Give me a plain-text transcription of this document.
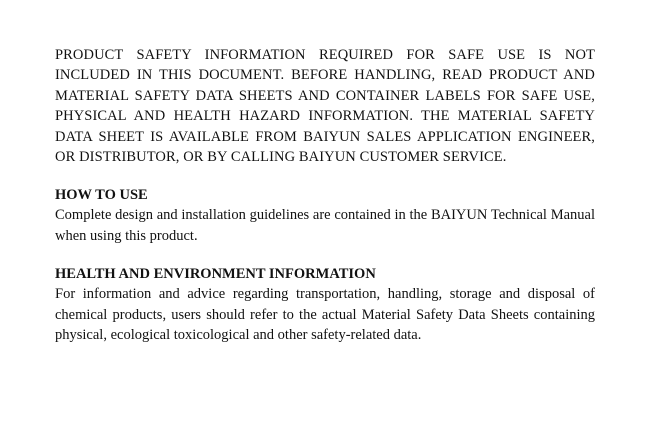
PRODUCT SAFETY INFORMATION REQUIRED FOR SAFE USE IS NOT INCLUDED IN THIS DOCUMENT. BEFORE HANDLING, READ PRODUCT AND MATERIAL SAFETY DATA SHEETS AND CONTAINER LABELS FOR SAFE USE, PHYSICAL AND HEALTH HAZARD INFORMATION. THE MATERIAL SAFETY DATA SHEET IS AVAILABLE FROM BAIYUN SALES APPLICATION ENGINEER, OR DISTRIBUTOR, OR BY CALLING BAIYUN CUSTOMER SERVICE.

HOW TO USE

Complete design and installation guidelines are contained in the BAIYUN Technical Manual when using this product.

HEALTH AND ENVIRONMENT INFORMATION

For information and advice regarding transportation, handling, storage and disposal of chemical products, users should refer to the actual Material Safety Data Sheets containing physical, ecological toxicological and other safety-related data.
